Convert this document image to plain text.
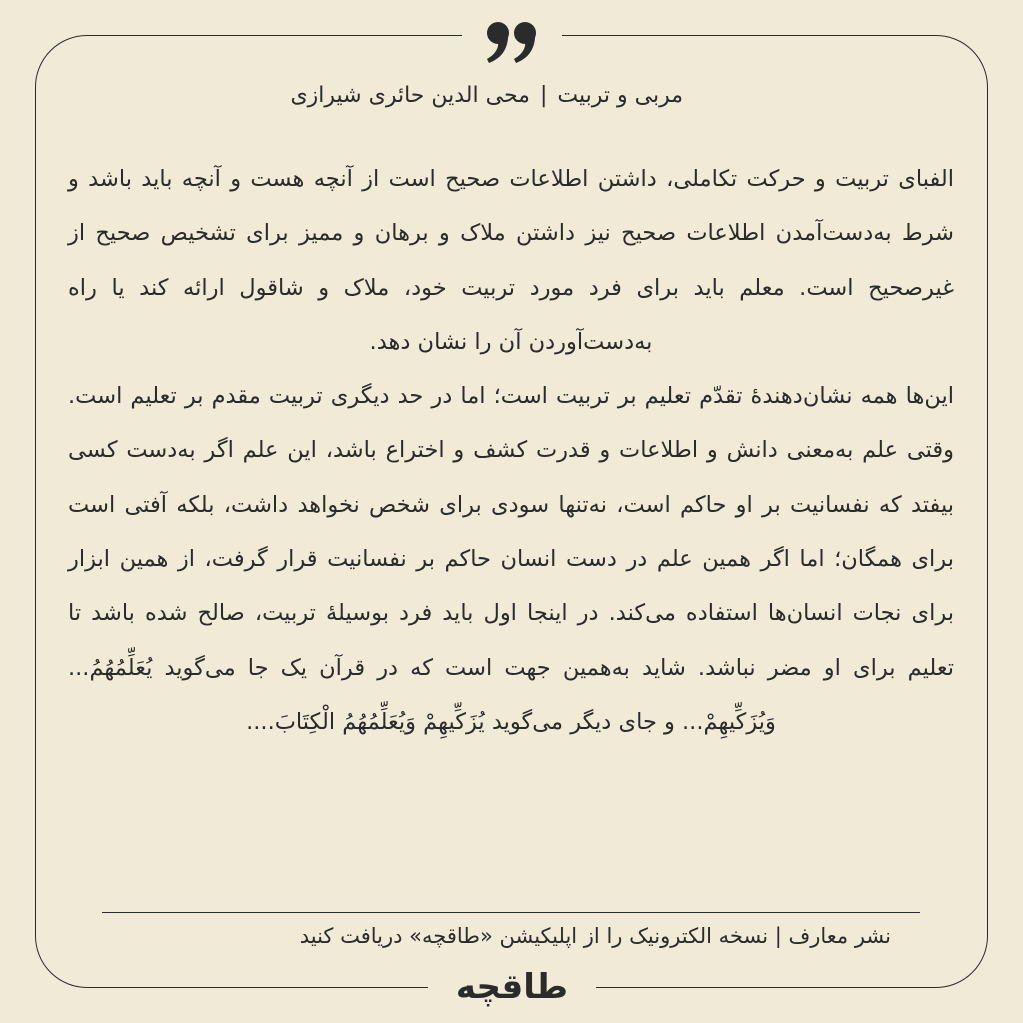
مربی و تربیت|محی الدین حائری شیرازی

الفبای تربیت و حرکت تکاملی، داشتن اطلاعات صحیح است از آنچه هست و آنچه باید باشد و شرط به‌دست‌آمدن اطلاعات صحیح نیز داشتن ملاک و برهان و ممیز برای تشخیص صحیح از غیرصحیح است. معلم باید برای فرد مورد تربیت خود، ملاک و شاقول ارائه کند یا راه به‌دست‌آوردن آن را نشان دهد.

این‌ها همه نشان‌دهندهٔ تقدّم تعلیم بر تربیت است؛ اما در حد دیگری تربیت مقدم بر تعلیم است. وقتی علم به‌معنی دانش و اطلاعات و قدرت کشف و اختراع باشد، این علم اگر به‌دست کسی بیفتد که نفسانیت بر او حاکم است، نه‌تنها سودی برای شخص نخواهد داشت، بلکه آفتی است برای همگان؛ اما اگر همین علم در دست انسان حاکم بر نفسانیت قرار گرفت، از همین ابزار برای نجات انسان‌ها استفاده می‌کند. در اینجا اول باید فرد بوسیلهٔ تربیت، صالح شده باشد تا تعلیم برای او مضر نباشد. شاید به‌همین جهت است که در قرآن یک جا می‌گوید یُعَلِّمُهُمُ... وَیُزَکِّیهِمْ... و جای دیگر می‌گوید یُزَکِّیهِمْ وَیُعَلِّمُهُمُ الْکِتَابَ....

نشر معارف | نسخه الکترونیک را از اپلیکیشن «طاقچه» دریافت کنید
طاقچه
